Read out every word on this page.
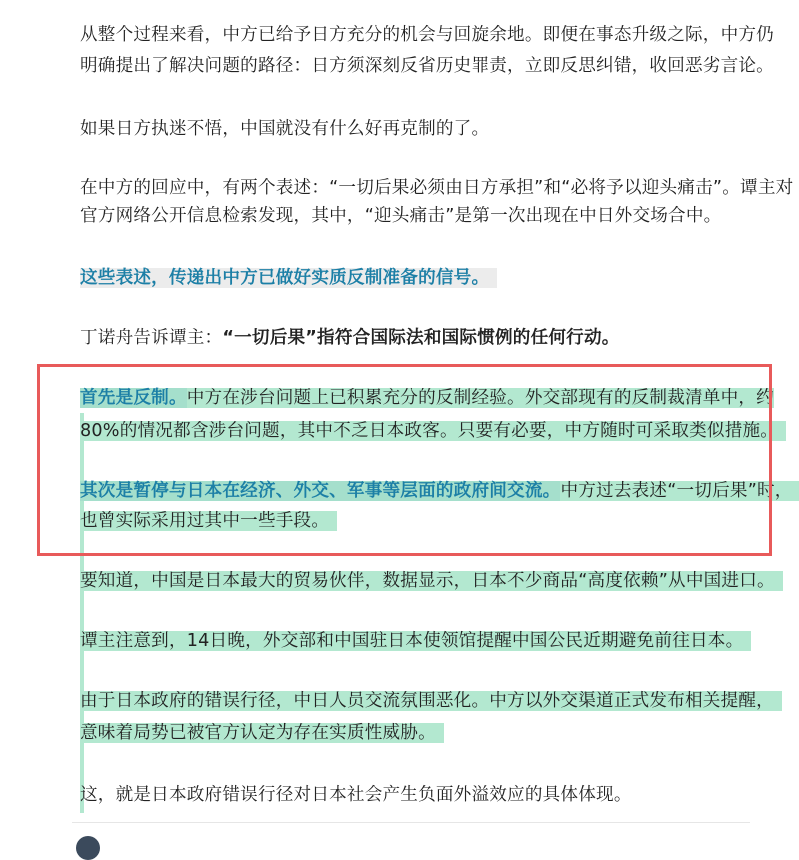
从整个过程来看，中方已给予日方充分的机会与回旋余地。即便在事态升级之际，中方仍
明确提出了解决问题的路径：日方须深刻反省历史罪责，立即反思纠错，收回恶劣言论。
如果日方执迷不悟，中国就没有什么好再克制的了。
在中方的回应中，有两个表述：“一切后果必须由日方承担”和“必将予以迎头痛击”。谭主对
官方网络公开信息检索发现，其中，“迎头痛击”是第一次出现在中日外交场合中。
这些表述，传递出中方已做好实质反制准备的信号。
丁诺舟告诉谭主：“一切后果”指符合国际法和国际惯例的任何行动。
首先是反制。中方在涉台问题上已积累充分的反制经验。外交部现有的反制裁清单中，约
80%的情况都含涉台问题，其中不乏日本政客。只要有必要，中方随时可采取类似措施。
其次是暂停与日本在经济、外交、军事等层面的政府间交流。中方过去表述“一切后果”时，
也曾实际采用过其中一些手段。
要知道，中国是日本最大的贸易伙伴，数据显示，日本不少商品“高度依赖”从中国进口。
谭主注意到，14日晚，外交部和中国驻日本使领馆提醒中国公民近期避免前往日本。
由于日本政府的错误行径，中日人员交流氛围恶化。中方以外交渠道正式发布相关提醒，
意味着局势已被官方认定为存在实质性威胁。
这，就是日本政府错误行径对日本社会产生负面外溢效应的具体体现。
